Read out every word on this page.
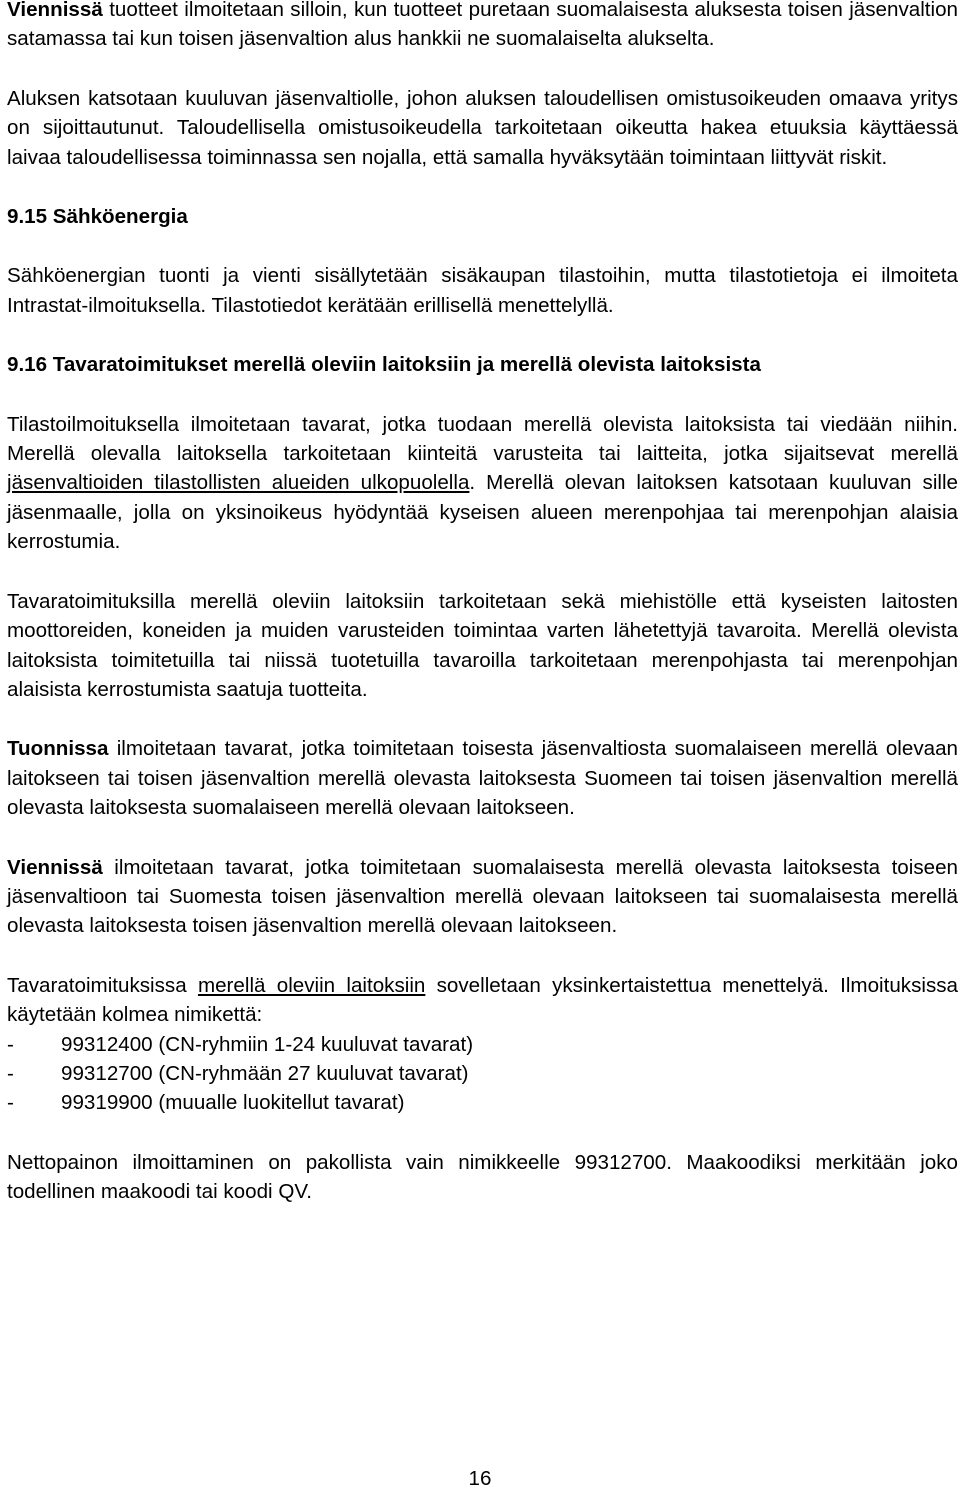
Viennissä tuotteet ilmoitetaan silloin, kun tuotteet puretaan suomalaisesta aluksesta toisen jäsenvaltion satamassa tai kun toisen jäsenvaltion alus hankkii ne suomalaiselta alukselta.

Aluksen katsotaan kuuluvan jäsenvaltiolle, johon aluksen taloudellisen omistusoikeuden omaava yritys on sijoittautunut. Taloudellisella omistusoikeudella tarkoitetaan oikeutta hakea etuuksia käyttäessä laivaa taloudellisessa toiminnassa sen nojalla, että samalla hyväksytään toimintaan liittyvät riskit.

9.15 Sähköenergia

Sähköenergian tuonti ja vienti sisällytetään sisäkaupan tilastoihin, mutta tilastotietoja ei ilmoiteta Intrastat-ilmoituksella. Tilastotiedot kerätään erillisellä menettelyllä.

9.16 Tavaratoimitukset merellä oleviin laitoksiin ja merellä olevista laitoksista

Tilastoilmoituksella ilmoitetaan tavarat, jotka tuodaan merellä olevista laitoksista tai viedään niihin. Merellä olevalla laitoksella tarkoitetaan kiinteitä varusteita tai laitteita, jotka sijaitsevat merellä jäsenvaltioiden tilastollisten alueiden ulkopuolella. Merellä olevan laitoksen katsotaan kuuluvan sille jäsenmaalle, jolla on yksinoikeus hyödyntää kyseisen alueen merenpohjaa tai merenpohjan alaisia kerrostumia.

Tavaratoimituksilla merellä oleviin laitoksiin tarkoitetaan sekä miehistölle että kyseisten laitosten moottoreiden, koneiden ja muiden varusteiden toimintaa varten lähetettyjä tavaroita. Merellä olevista laitoksista toimitetuilla tai niissä tuotetuilla tavaroilla tarkoitetaan merenpohjasta tai merenpohjan alaisista kerrostumista saatuja tuotteita.

Tuonnissa ilmoitetaan tavarat, jotka toimitetaan toisesta jäsenvaltiosta suomalaiseen merellä olevaan laitokseen tai toisen jäsenvaltion merellä olevasta laitoksesta Suomeen tai toisen jäsenvaltion merellä olevasta laitoksesta suomalaiseen merellä olevaan laitokseen.

Viennissä ilmoitetaan tavarat, jotka toimitetaan suomalaisesta merellä olevasta laitoksesta toiseen jäsenvaltioon tai Suomesta toisen jäsenvaltion merellä olevaan laitokseen tai suomalaisesta merellä olevasta laitoksesta toisen jäsenvaltion merellä olevaan laitokseen.

Tavaratoimituksissa merellä oleviin laitoksiin sovelletaan yksinkertaistettua menettelyä. Ilmoituksissa käytetään kolmea nimikettä:

-	99312400 (CN-ryhmiin 1-24 kuuluvat tavarat)
-	99312700 (CN-ryhmään 27 kuuluvat tavarat)
-	99319900 (muualle luokitellut tavarat)

Nettopainon ilmoittaminen on pakollista vain nimikkeelle 99312700. Maakoodiksi merkitään joko todellinen maakoodi tai koodi QV.

16
